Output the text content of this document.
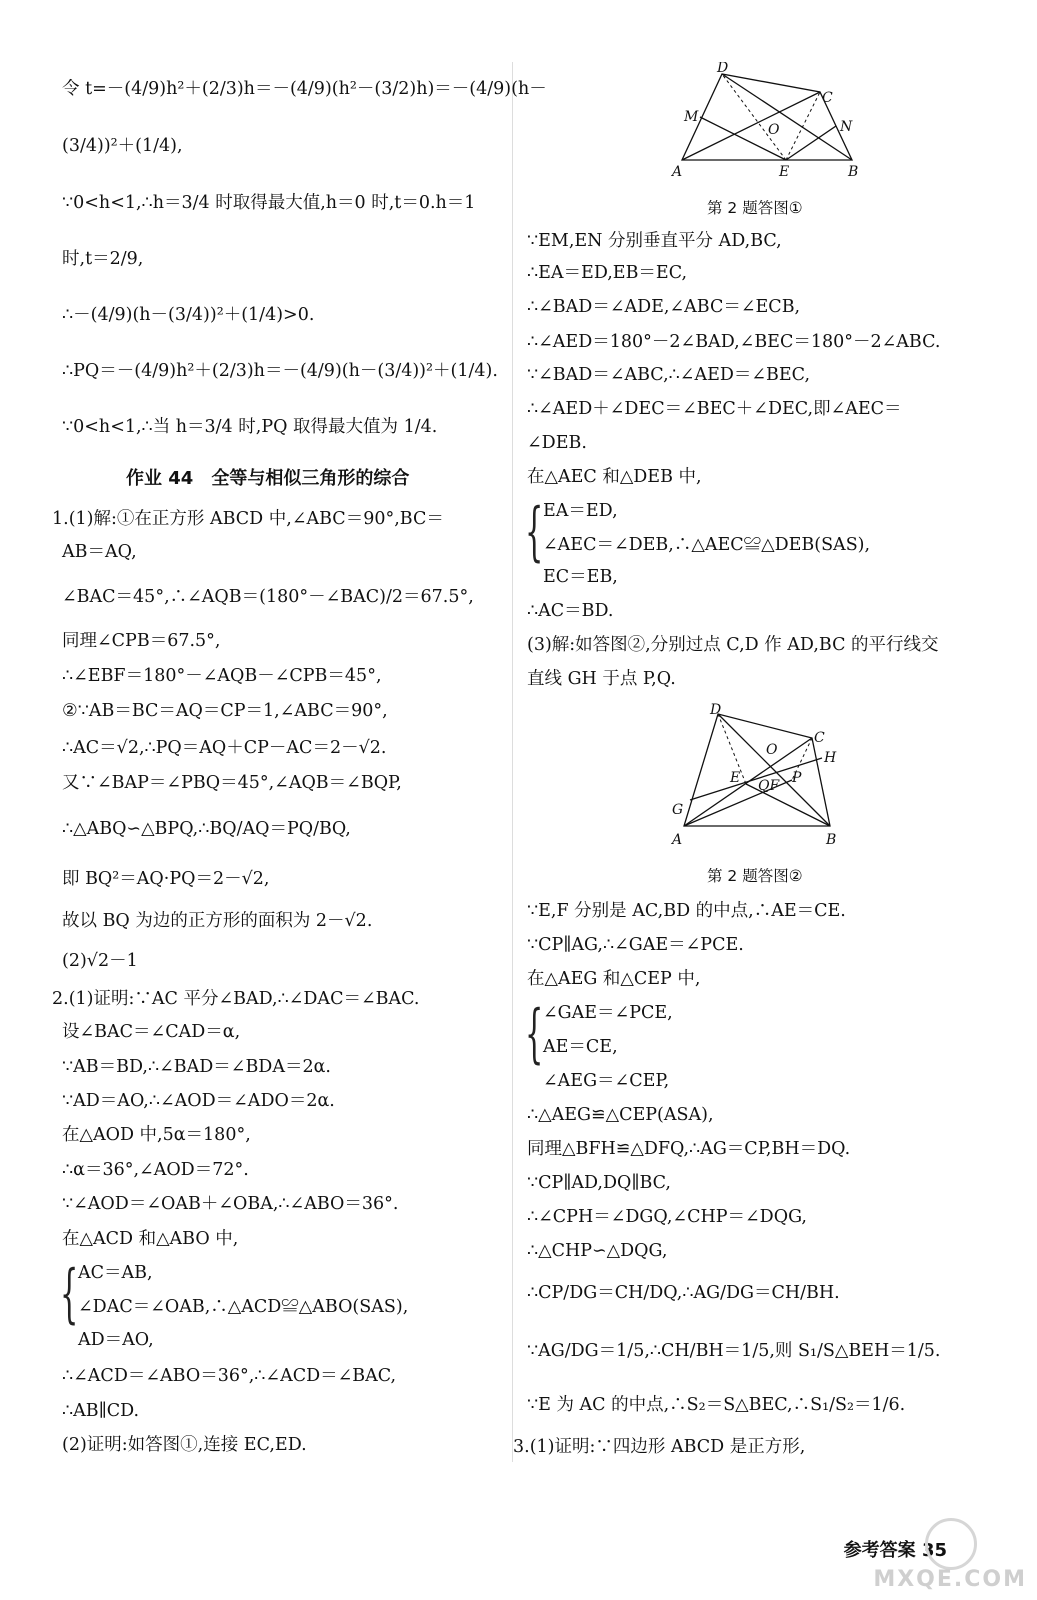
令 t=－(4/9)h²＋(2/3)h＝－(4/9)(h²－(3/2)h)＝－(4/9)(h－
(3/4))²＋(1/4),
∵0<h<1,∴h＝3/4 时取得最大值,h＝0 时,t＝0.h＝1
时,t＝2/9,
∴－(4/9)(h－(3/4))²＋(1/4)>0.
∴PQ＝－(4/9)h²＋(2/3)h＝－(4/9)(h－(3/4))²＋(1/4).
∵0<h<1,∴当 h＝3/4 时,PQ 取得最大值为 1/4.
作业 44　全等与相似三角形的综合
1.(1)解:①在正方形 ABCD 中,∠ABC＝90°,BC＝
AB＝AQ,
∠BAC＝45°,∴∠AQB＝(180°－∠BAC)/2＝67.5°,
同理∠CPB＝67.5°,
∴∠EBF＝180°－∠AQB－∠CPB＝45°,
②∵AB＝BC＝AQ＝CP＝1,∠ABC＝90°,
∴AC＝√2,∴PQ＝AQ＋CP－AC＝2－√2.
又∵∠BAP＝∠PBQ＝45°,∠AQB＝∠BQP,
∴△ABQ∽△BPQ,∴BQ/AQ＝PQ/BQ,
即 BQ²＝AQ·PQ＝2－√2,
故以 BQ 为边的正方形的面积为 2－√2.
(2)√2－1
2.(1)证明:∵AC 平分∠BAD,∴∠DAC＝∠BAC.
设∠BAC＝∠CAD＝α,
∵AB＝BD,∴∠BAD＝∠BDA＝2α.
∵AD＝AO,∴∠AOD＝∠ADO＝2α.
在△AOD 中,5α＝180°,
∴α＝36°,∠AOD＝72°.
∵∠AOD＝∠OAB＋∠OBA,∴∠ABO＝36°.
在△ACD 和△ABO 中,
{ AC＝AB,
∠DAC＝∠OAB,∴△ACD≌△ABO(SAS),
AD＝AO,
∴∠ACD＝∠ABO＝36°,∴∠ACD＝∠BAC,
∴AB∥CD.
(2)证明:如答图①,连接 EC,ED.
D
C
M
O	N
A	E	B
第 2 题答图①
∵EM,EN 分别垂直平分 AD,BC,
∴EA＝ED,EB＝EC,
∴∠BAD＝∠ADE,∠ABC＝∠ECB,
∴∠AED＝180°－2∠BAD,∠BEC＝180°－2∠ABC.
∵∠BAD＝∠ABC,∴∠AED＝∠BEC,
∴∠AED＋∠DEC＝∠BEC＋∠DEC,即∠AEC＝
∠DEB.
在△AEC 和△DEB 中,
{ EA＝ED,
∠AEC＝∠DEB,∴△AEC≌△DEB(SAS),
EC＝EB,
∴AC＝BD.
(3)解:如答图②,分别过点 C,D 作 AD,BC 的平行线交
直线 GH 于点 P,Q.
D
C
O	H
E	P
QF
G
A	B
第 2 题答图②
∵E,F 分别是 AC,BD 的中点,∴AE＝CE.
∵CP∥AG,∴∠GAE＝∠PCE.
在△AEG 和△CEP 中,
{ ∠GAE＝∠PCE,
AE＝CE,
∠AEG＝∠CEP,
∴△AEG≌△CEP(ASA),
同理△BFH≌△DFQ,∴AG＝CP,BH＝DQ.
∵CP∥AD,DQ∥BC,
∴∠CPH＝∠DGQ,∠CHP＝∠DQG,
∴△CHP∽△DQG,
∴CP/DG＝CH/DQ,∴AG/DG＝CH/BH.
∵AG/DG＝1/5,∴CH/BH＝1/5,则 S₁/S△BEH＝1/5.
∵E 为 AC 的中点,∴S₂＝S△BEC,∴S₁/S₂＝1/6.
3.(1)证明:∵四边形 ABCD 是正方形,
参考答案 35
MXQE.COM
